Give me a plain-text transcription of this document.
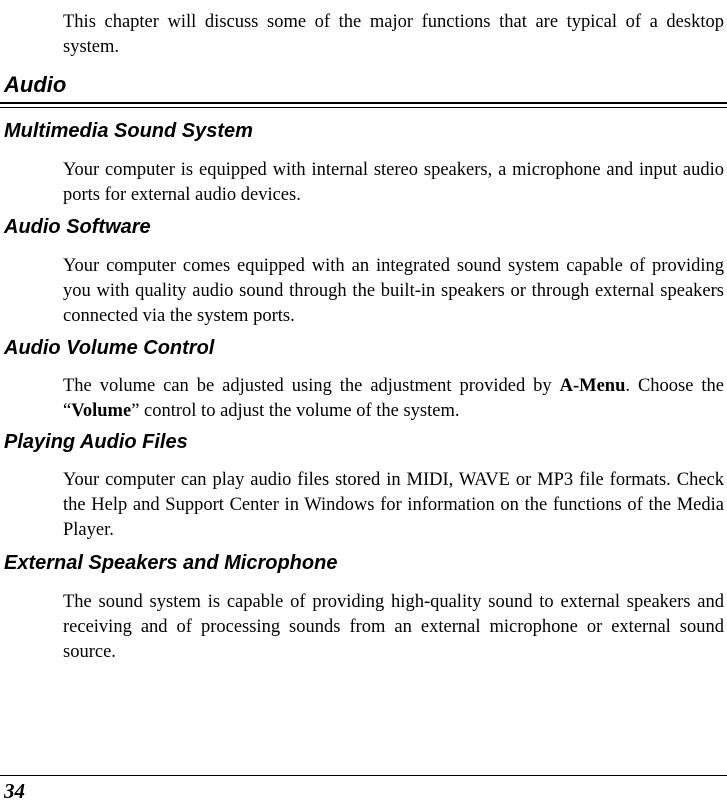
This chapter will discuss some of the major functions that are typical of a desktop system.

Audio
Multimedia Sound System

Your computer is equipped with internal stereo speakers, a microphone and input audio ports for external audio devices.

Audio Software

Your computer comes equipped with an integrated sound system capable of providing you with quality audio sound through the built-in speakers or through external speakers connected via the system ports.

Audio Volume Control

The volume can be adjusted using the adjustment provided by A-Menu. Choose the “Volume” control to adjust the volume of the system.

Playing Audio Files

Your computer can play audio files stored in MIDI, WAVE or MP3 file formats. Check the Help and Support Center in Windows for information on the functions of the Media Player.

External Speakers and Microphone

The sound system is capable of providing high-quality sound to external speakers and receiving and of processing sounds from an external microphone or external sound source.

34
